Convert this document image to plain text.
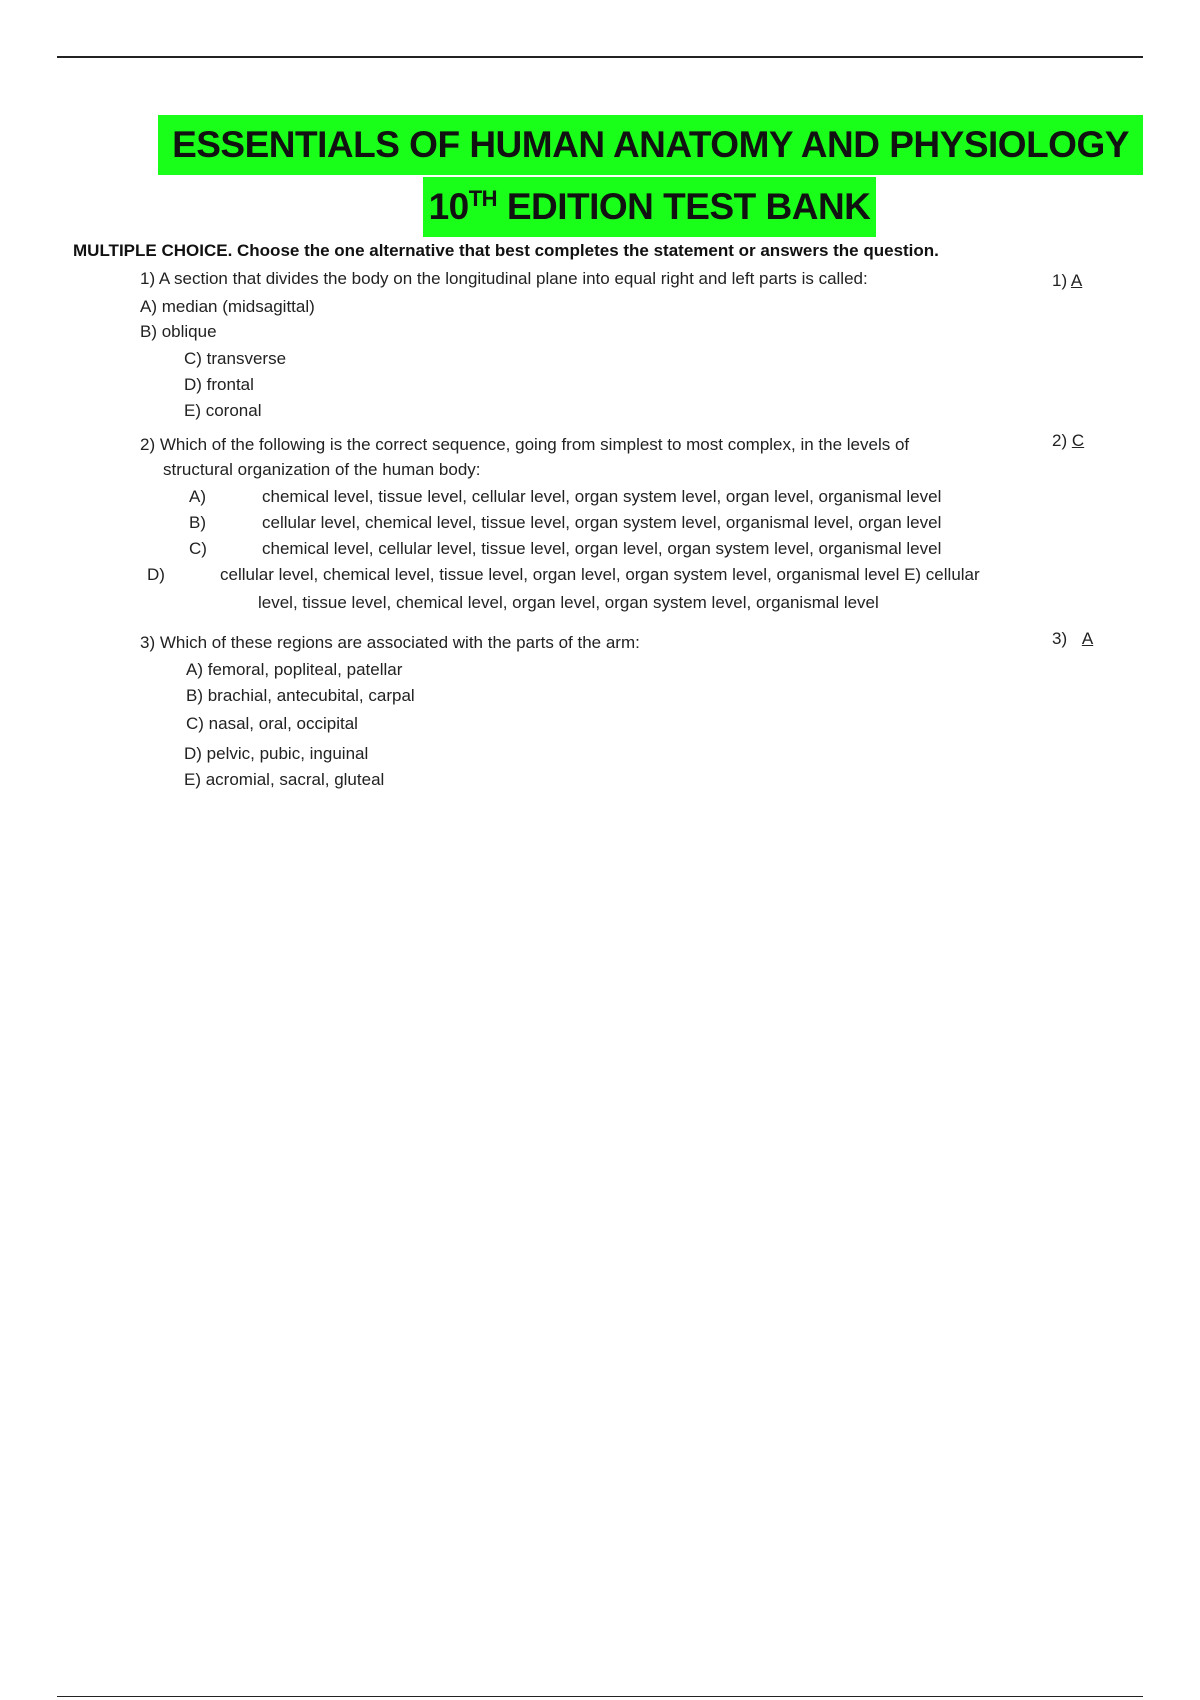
ESSENTIALS OF HUMAN ANATOMY AND PHYSIOLOGY
10TH EDITION TEST BANK
MULTIPLE CHOICE. Choose the one alternative that best completes the statement or answers the question.
1) A section that divides the body on the longitudinal plane into equal right and left parts is called:	1) A
A) median (midsagittal)
B) oblique
C) transverse
D) frontal
E) coronal
2) Which of the following is the correct sequence, going from simplest to most complex, in the levels of	2) C
structural organization of the human body:
A)	chemical level, tissue level, cellular level, organ system level, organ level, organismal level
B)	cellular level, chemical level, tissue level, organ system level, organismal level, organ level
C)	chemical level, cellular level, tissue level, organ level, organ system level, organismal level
D)	cellular level, chemical level, tissue level, organ level, organ system level, organismal level E) cellular
level, tissue level, chemical level, organ level, organ system level, organismal level
3) Which of these regions are associated with the parts of the arm:	3) A
A) femoral, popliteal, patellar
B) brachial, antecubital, carpal
C) nasal, oral, occipital
D) pelvic, pubic, inguinal
E) acromial, sacral, gluteal
